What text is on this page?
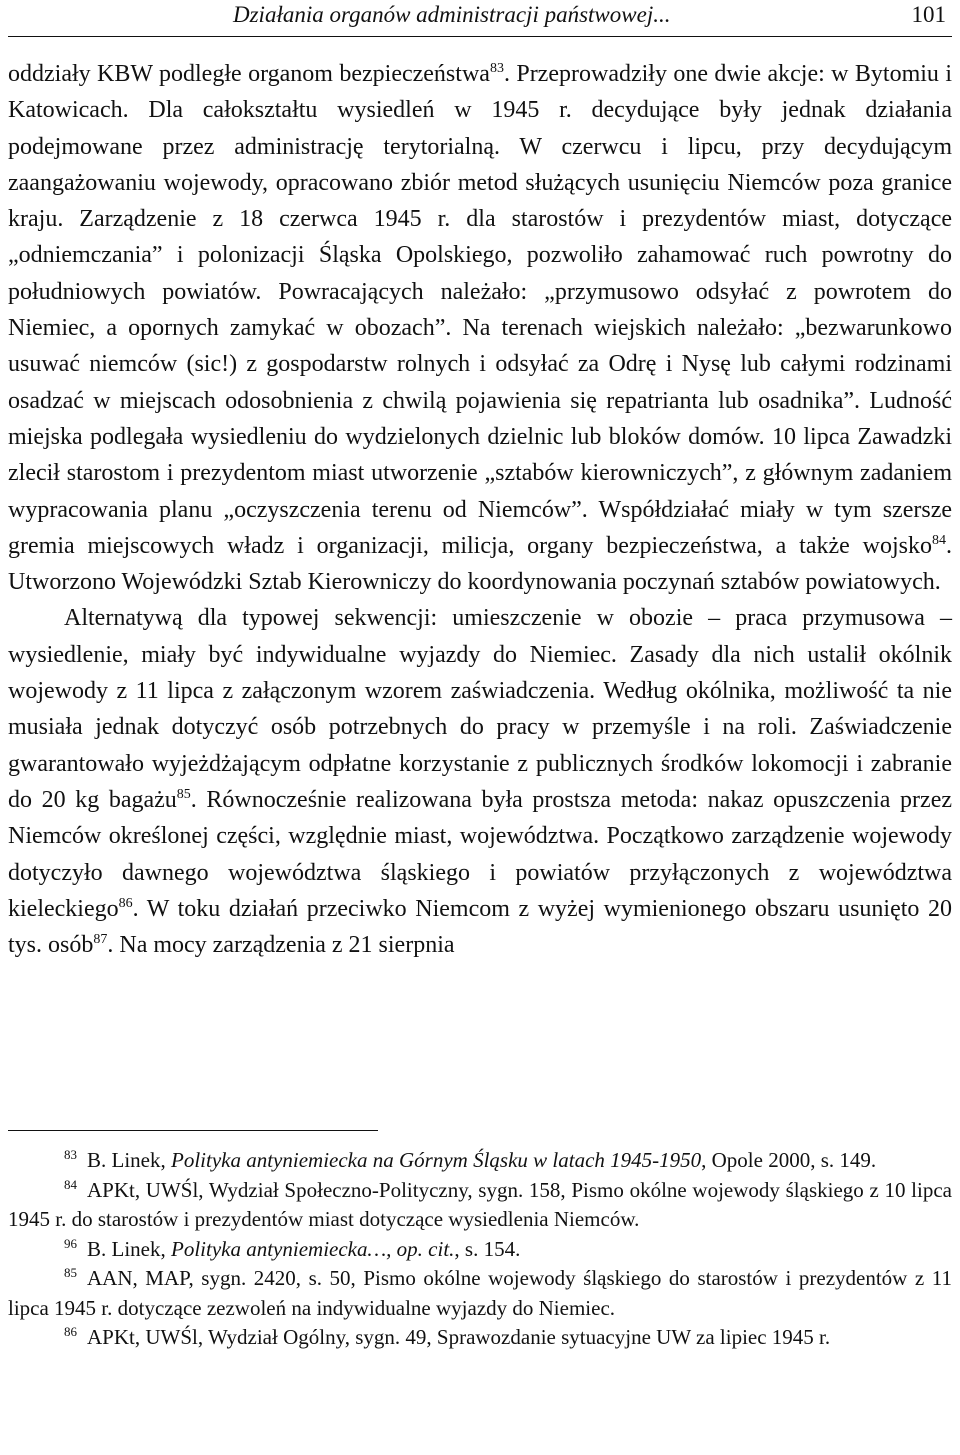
Działania organów administracji państwowej...	101

oddziały KBW podległe organom bezpieczeństwa$^{83}$. Przeprowadziły one dwie akcje: w Bytomiu i Katowicach. Dla całokształtu wysiedleń w 1945 r. decydujące były jednak działania podejmowane przez administrację terytorialną. W czerwcu i lipcu, przy decydującym zaangażowaniu wojewody, opracowano zbiór metod służących usunięciu Niemców poza granice kraju. Zarządzenie z 18 czerwca 1945 r. dla starostów i prezydentów miast, dotyczące „odniemczania” i polonizacji Śląska Opolskiego, pozwoliło zahamować ruch powrotny do południowych powiatów. Powracających należało: „przymusowo odsyłać z powrotem do Niemiec, a opornych zamykać w obozach”. Na terenach wiejskich należało: „bezwarunkowo usuwać niemców (sic!) z gospodarstw rolnych i odsyłać za Odrę i Nysę lub całymi rodzinami osadzać w miejscach odosobnienia z chwilą pojawienia się repatrianta lub osadnika”. Ludność miejska podlegała wysiedleniu do wydzielonych dzielnic lub bloków domów. 10 lipca Zawadzki zlecił starostom i prezydentom miast utworzenie „sztabów kierowniczych”, z głównym zadaniem wypracowania planu „oczyszczenia terenu od Niemców”. Współdziałać miały w tym szersze gremia miejscowych władz i organizacji, milicja, organy bezpieczeństwa, a także wojsko$^{84}$. Utworzono Wojewódzki Sztab Kierowniczy do koordynowania poczynań sztabów powiatowych.

Alternatywą dla typowej sekwencji: umieszczenie w obozie – praca przymusowa – wysiedlenie, miały być indywidualne wyjazdy do Niemiec. Zasady dla nich ustalił okólnik wojewody z 11 lipca z załączonym wzorem zaświadczenia. Według okólnika, możliwość ta nie musiała jednak dotyczyć osób potrzebnych do pracy w przemyśle i na roli. Zaświadczenie gwarantowało wyjeżdżającym odpłatne korzystanie z publicznych środków lokomocji i zabranie do 20 kg bagażu$^{85}$. Równocześnie realizowana była prostsza metoda: nakaz opuszczenia przez Niemców określonej części, względnie miast, województwa. Początkowo zarządzenie wojewody dotyczyło dawnego województwa śląskiego i powiatów przyłączonych z województwa kieleckiego$^{86}$. W toku działań przeciwko Niemcom z wyżej wymienionego obszaru usunięto 20 tys. osób$^{87}$. Na mocy zarządzenia z 21 sierpnia

$^{83}$ B. Linek, Polityka antyniemiecka na Górnym Śląsku w latach 1945-1950, Opole 2000, s. 149.

$^{84}$ APKt, UWŚl, Wydział Społeczno-Polityczny, sygn. 158, Pismo okólne wojewody śląskiego z 10 lipca 1945 r. do starostów i prezydentów miast dotyczące wysiedlenia Niemców.

$^{96}$ B. Linek, Polityka antyniemiecka…, op. cit., s. 154.

$^{85}$ AAN, MAP, sygn. 2420, s. 50, Pismo okólne wojewody śląskiego do starostów i prezydentów z 11 lipca 1945 r. dotyczące zezwoleń na indywidualne wyjazdy do Niemiec.

$^{86}$ APKt, UWŚl, Wydział Ogólny, sygn. 49, Sprawozdanie sytuacyjne UW za lipiec 1945 r.
